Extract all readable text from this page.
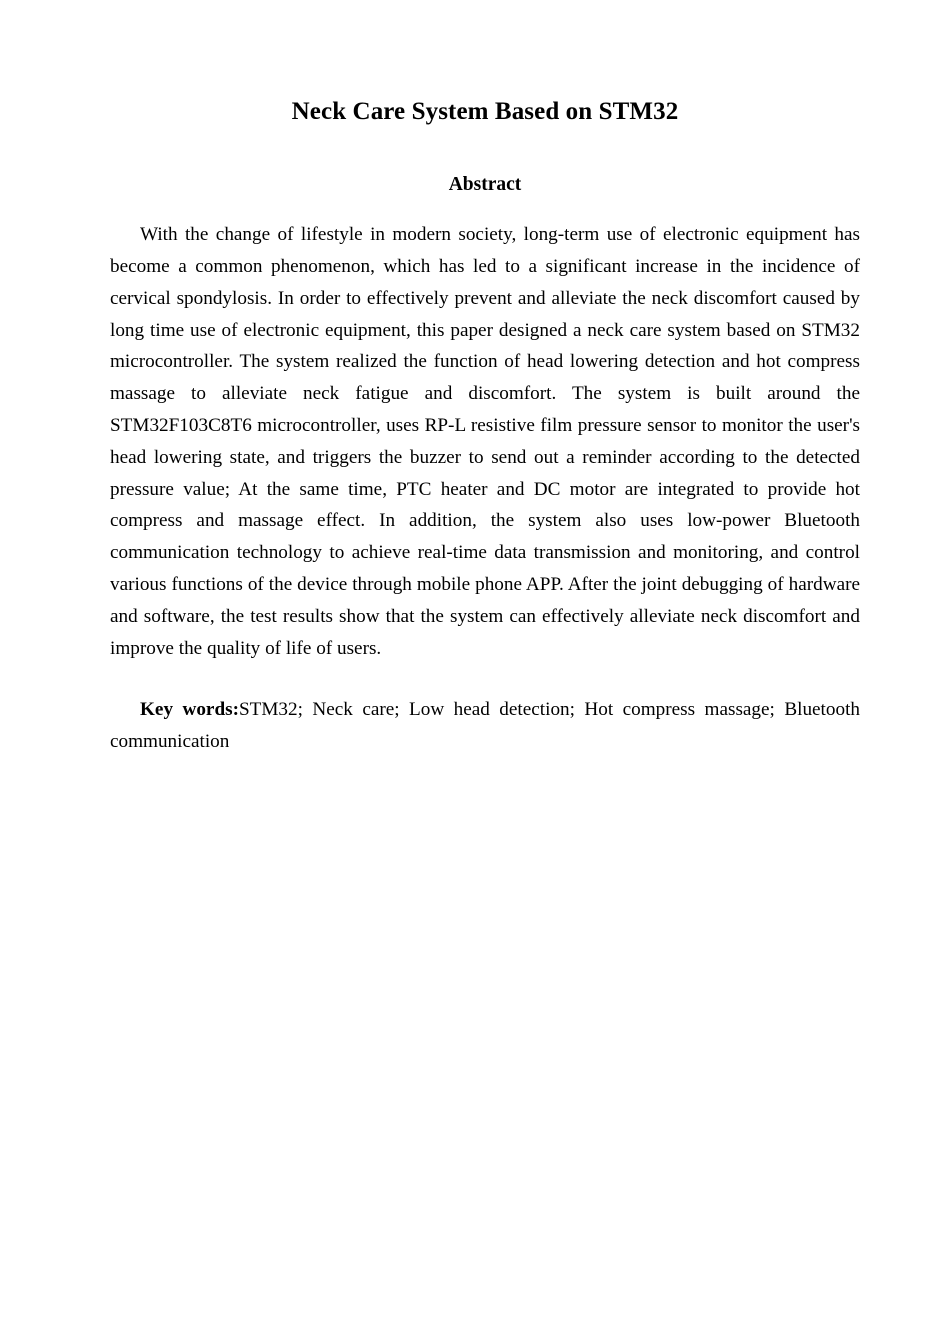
Neck Care System Based on STM32
Abstract

With the change of lifestyle in modern society, long-term use of electronic equipment has become a common phenomenon, which has led to a significant increase in the incidence of cervical spondylosis. In order to effectively prevent and alleviate the neck discomfort caused by long time use of electronic equipment, this paper designed a neck care system based on STM32 microcontroller. The system realized the function of head lowering detection and hot compress massage to alleviate neck fatigue and discomfort. The system is built around the STM32F103C8T6 microcontroller, uses RP-L resistive film pressure sensor to monitor the user's head lowering state, and triggers the buzzer to send out a reminder according to the detected pressure value; At the same time, PTC heater and DC motor are integrated to provide hot compress and massage effect. In addition, the system also uses low-power Bluetooth communication technology to achieve real-time data transmission and monitoring, and control various functions of the device through mobile phone APP. After the joint debugging of hardware and software, the test results show that the system can effectively alleviate neck discomfort and improve the quality of life of users.

Key words:STM32; Neck care; Low head detection; Hot compress massage; Bluetooth communication
